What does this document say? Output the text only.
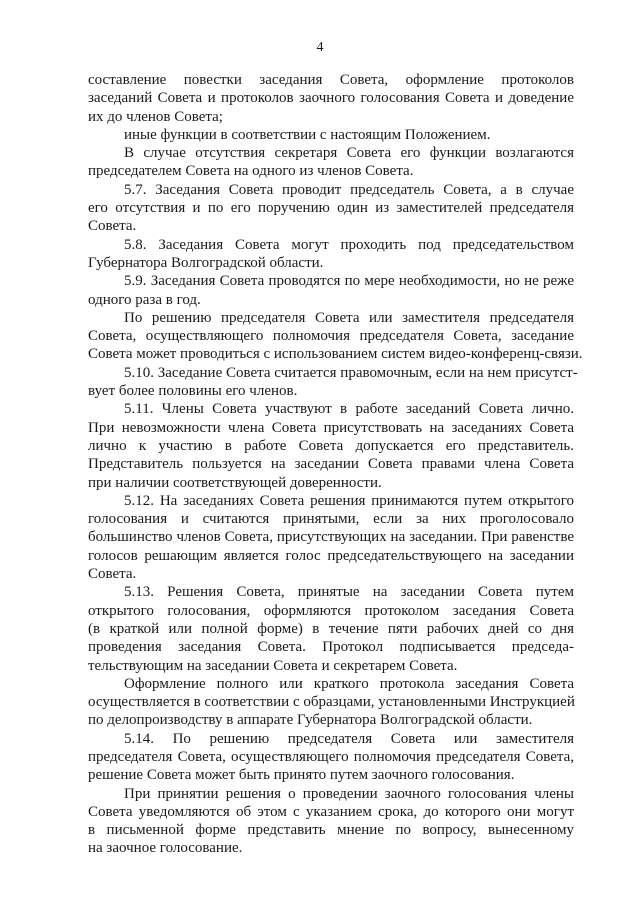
4

составление повестки заседания Совета, оформление протоколов
заседаний Совета и протоколов заочного голосования Совета и доведение
их до членов Совета;

иные функции в соответствии с настоящим Положением.

В случае отсутствия секретаря Совета его функции возлагаются
председателем Совета на одного из членов Совета.

5.7. Заседания Совета проводит председатель Совета, а в случае
его отсутствия и по его поручению один из заместителей председателя
Совета.

5.8. Заседания Совета могут проходить под председательством
Губернатора Волгоградской области.

5.9. Заседания Совета проводятся по мере необходимости, но не реже
одного раза в год.

По решению председателя Совета или заместителя председателя
Совета, осуществляющего полномочия председателя Совета, заседание
Совета может проводиться с использованием систем видео-конференц-связи.

5.10. Заседание Совета считается правомочным, если на нем присутст-
вует более половины его членов.

5.11. Члены Совета участвуют в работе заседаний Совета лично.
При невозможности члена Совета присутствовать на заседаниях Совета
лично к участию в работе Совета допускается его представитель.
Представитель пользуется на заседании Совета правами члена Совета
при наличии соответствующей доверенности.

5.12. На заседаниях Совета решения принимаются путем открытого
голосования и считаются принятыми, если за них проголосовало
большинство членов Совета, присутствующих на заседании. При равенстве
голосов решающим является голос председательствующего на заседании
Совета.

5.13. Решения Совета, принятые на заседании Совета путем
открытого голосования, оформляются протоколом заседания Совета
(в краткой или полной форме) в течение пяти рабочих дней со дня
проведения заседания Совета. Протокол подписывается председа-
тельствующим на заседании Совета и секретарем Совета.

Оформление полного или краткого протокола заседания Совета
осуществляется в соответствии с образцами, установленными Инструкцией
по делопроизводству в аппарате Губернатора Волгоградской области.

5.14. По решению председателя Совета или заместителя
председателя Совета, осуществляющего полномочия председателя Совета,
решение Совета может быть принято путем заочного голосования.

При принятии решения о проведении заочного голосования члены
Совета уведомляются об этом с указанием срока, до которого они могут
в письменной форме представить мнение по вопросу, вынесенному
на заочное голосование.
